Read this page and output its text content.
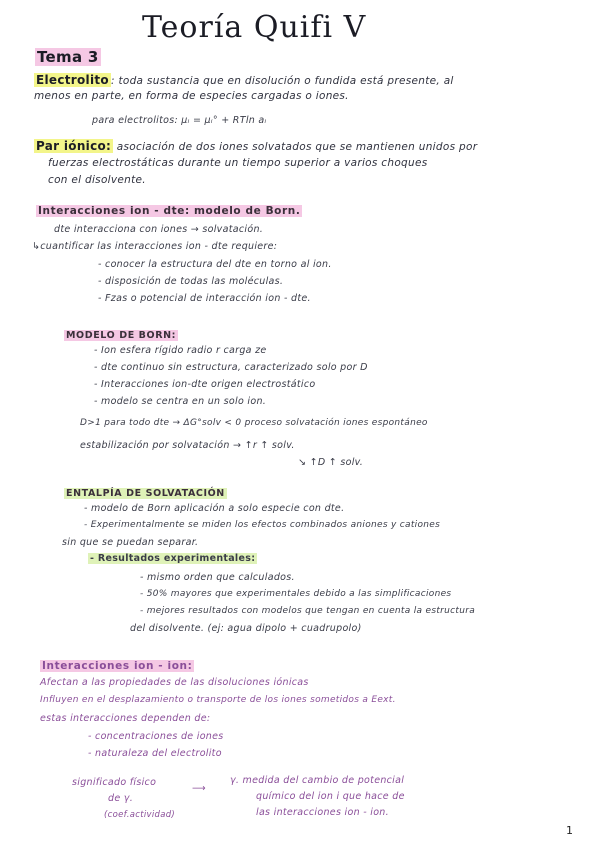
Teoría Quifi V
Tema 3
Electrolito : toda sustancia que en disolución o fundida está presente, al
menos en parte, en forma de especies cargadas o iones.
para electrolitos: μᵢ = μᵢ° + RTln aᵢ
Par iónico: asociación de dos iones solvatados que se mantienen unidos por
fuerzas electrostáticas durante un tiempo superior a varios choques
con el disolvente.
Interacciones ion - dte: modelo de Born.
dte interacciona con iones → solvatación.
↳cuantificar las interacciones ion - dte requiere:
- conocer la estructura del dte en torno al ion.
- disposición de todas las moléculas.
- Fzas o potencial de interacción ion - dte.
MODELO DE BORN:
- Ion esfera rígido radio r carga ze
- dte continuo sin estructura, caracterizado solo por D
- Interacciones ion-dte origen electrostático
- modelo se centra en un solo ion.
D>1 para todo dte → ΔG°solv < 0 proceso solvatación iones espontáneo
estabilización por solvatación → ↑r ↑ solv.
↘ ↑D ↑ solv.
ENTALPÍA DE SOLVATACIÓN
- modelo de Born aplicación a solo especie con dte.
- Experimentalmente se miden los efectos combinados aniones y cationes
sin que se puedan separar.
- Resultados experimentales:
- mismo orden que calculados.
- 50% mayores que experimentales debido a las simplificaciones
- mejores resultados con modelos que tengan en cuenta la estructura
del disolvente. (ej: agua dipolo + cuadrupolo)
Interacciones ion - ion:
Afectan a las propiedades de las disoluciones iónicas
Influyen en el desplazamiento o transporte de los iones sometidos a Eext.
estas interacciones dependen de:
- concentraciones de iones
- naturaleza del electrolito
significado físico
de γ.
(coef.actividad)
⟶
γ. medida del cambio de potencial
químico del ion i que hace de
las interacciones ion - ion.
1
